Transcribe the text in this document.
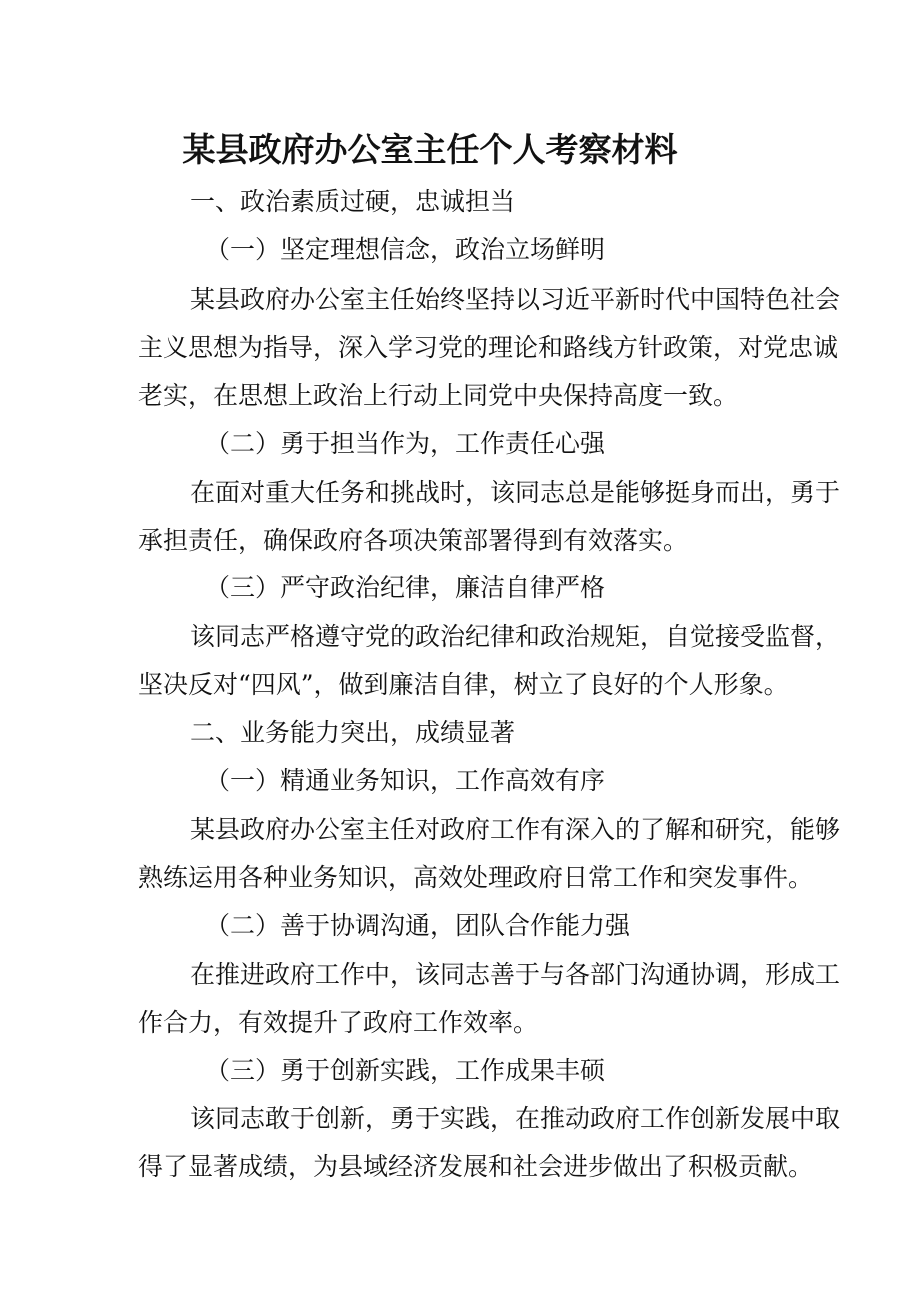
某县政府办公室主任个人考察材料
一、政治素质过硬，忠诚担当
（一）坚定理想信念，政治立场鲜明
某县政府办公室主任始终坚持以习近平新时代中国特色社会
主义思想为指导，深入学习党的理论和路线方针政策，对党忠诚
老实，在思想上政治上行动上同党中央保持高度一致。
（二）勇于担当作为，工作责任心强
在面对重大任务和挑战时，该同志总是能够挺身而出，勇于
承担责任，确保政府各项决策部署得到有效落实。
（三）严守政治纪律，廉洁自律严格
该同志严格遵守党的政治纪律和政治规矩，自觉接受监督，
坚决反对“四风”，做到廉洁自律，树立了良好的个人形象。
二、业务能力突出，成绩显著
（一）精通业务知识，工作高效有序
某县政府办公室主任对政府工作有深入的了解和研究，能够
熟练运用各种业务知识，高效处理政府日常工作和突发事件。
（二）善于协调沟通，团队合作能力强
在推进政府工作中，该同志善于与各部门沟通协调，形成工
作合力，有效提升了政府工作效率。
（三）勇于创新实践，工作成果丰硕
该同志敢于创新，勇于实践，在推动政府工作创新发展中取
得了显著成绩，为县域经济发展和社会进步做出了积极贡献。
